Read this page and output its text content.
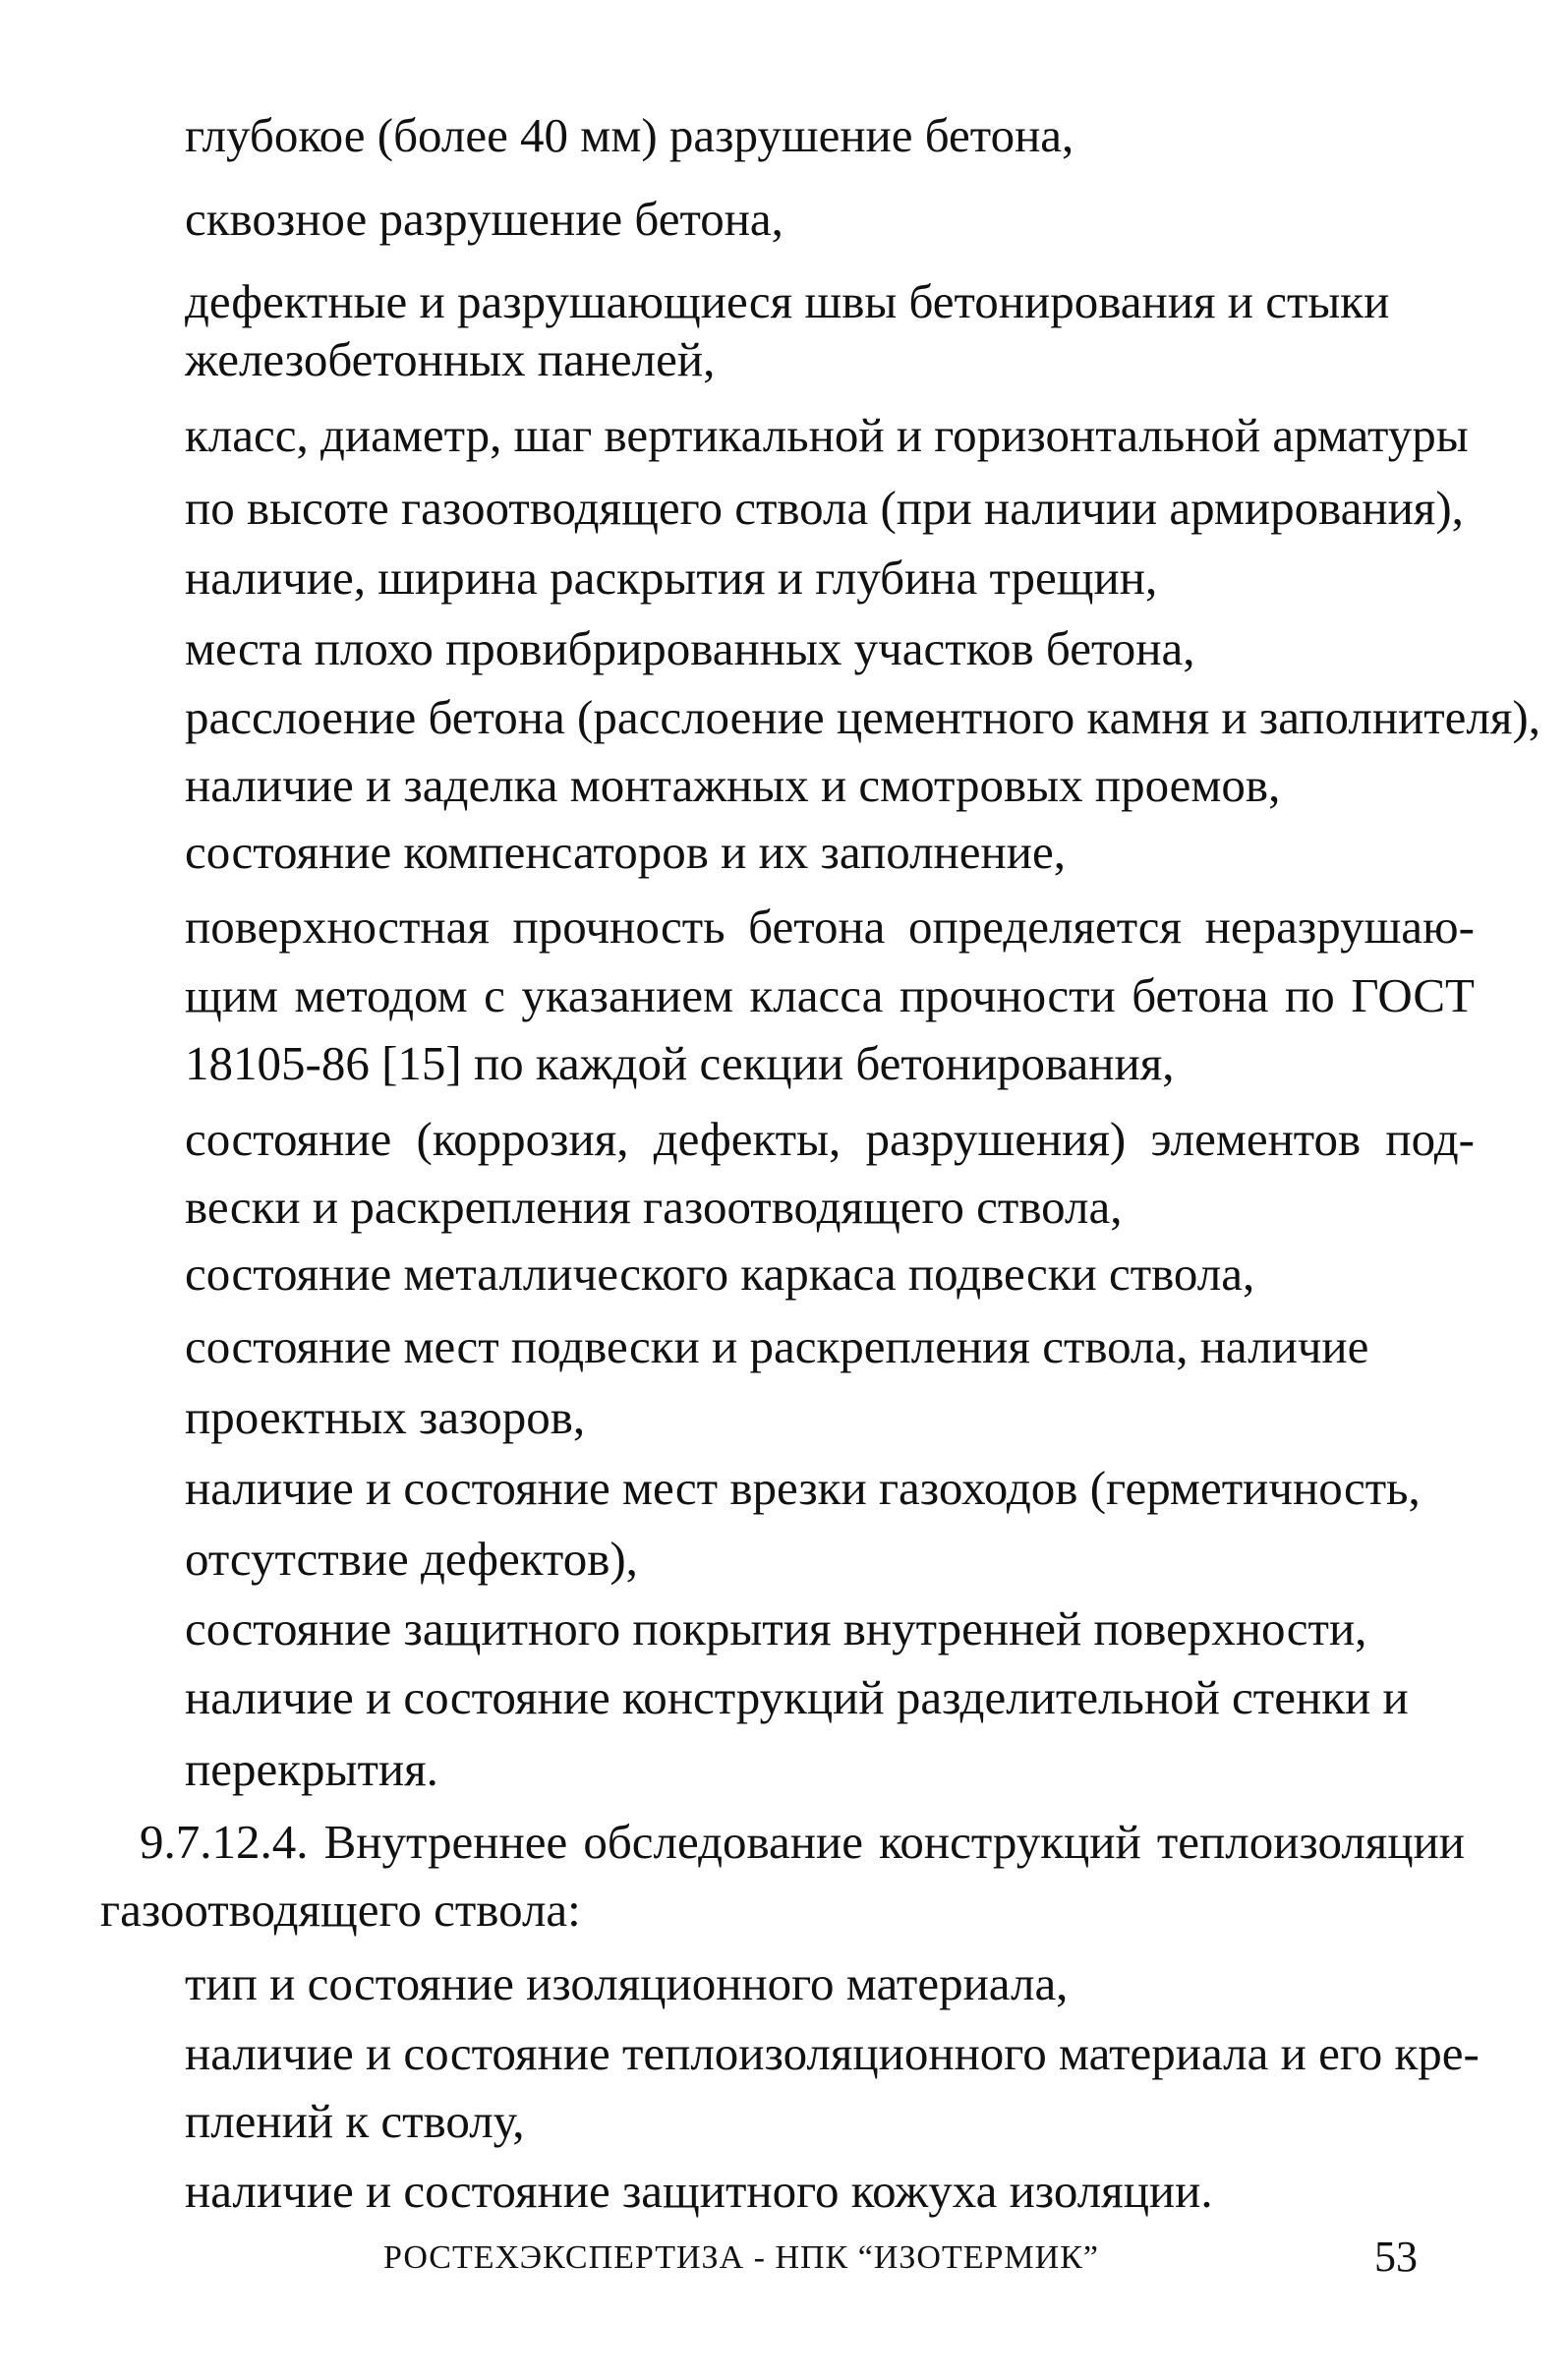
глубокое (более 40 мм) разрушение бетона,
сквозное разрушение бетона,
дефектные и разрушающиеся швы бетонирования и стыки
железобетонных панелей,
класс, диаметр, шаг вертикальной и горизонтальной арматуры
по высоте газоотводящего ствола (при наличии армирования),
наличие, ширина раскрытия и глубина трещин,
места плохо провибрированных участков бетона,
расслоение бетона (расслоение цементного камня и заполнителя),
наличие и заделка монтажных и смотровых проемов,
состояние компенсаторов и их заполнение,
поверхностная прочность бетона определяется неразрушаю-
щим методом с указанием класса прочности бетона по ГОСТ
18105-86 [15] по каждой секции бетонирования,
состояние (коррозия, дефекты, разрушения) элементов под-
вески и раскрепления газоотводящего ствола,
состояние металлического каркаса подвески ствола,
состояние мест подвески и раскрепления ствола, наличие
проектных зазоров,
наличие и состояние мест врезки газоходов (герметичность,
отсутствие дефектов),
состояние защитного покрытия внутренней поверхности,
наличие и состояние конструкций разделительной стенки и
перекрытия.
9.7.12.4. Внутреннее обследование конструкций теплоизоляции
газоотводящего ствола:
тип и состояние изоляционного материала,
наличие и состояние теплоизоляционного материала и его кре-
плений к стволу,
наличие и состояние защитного кожуха изоляции.
РОСТЕХЭКСПЕРТИЗА - НПК “ИЗОТЕРМИК”	53
